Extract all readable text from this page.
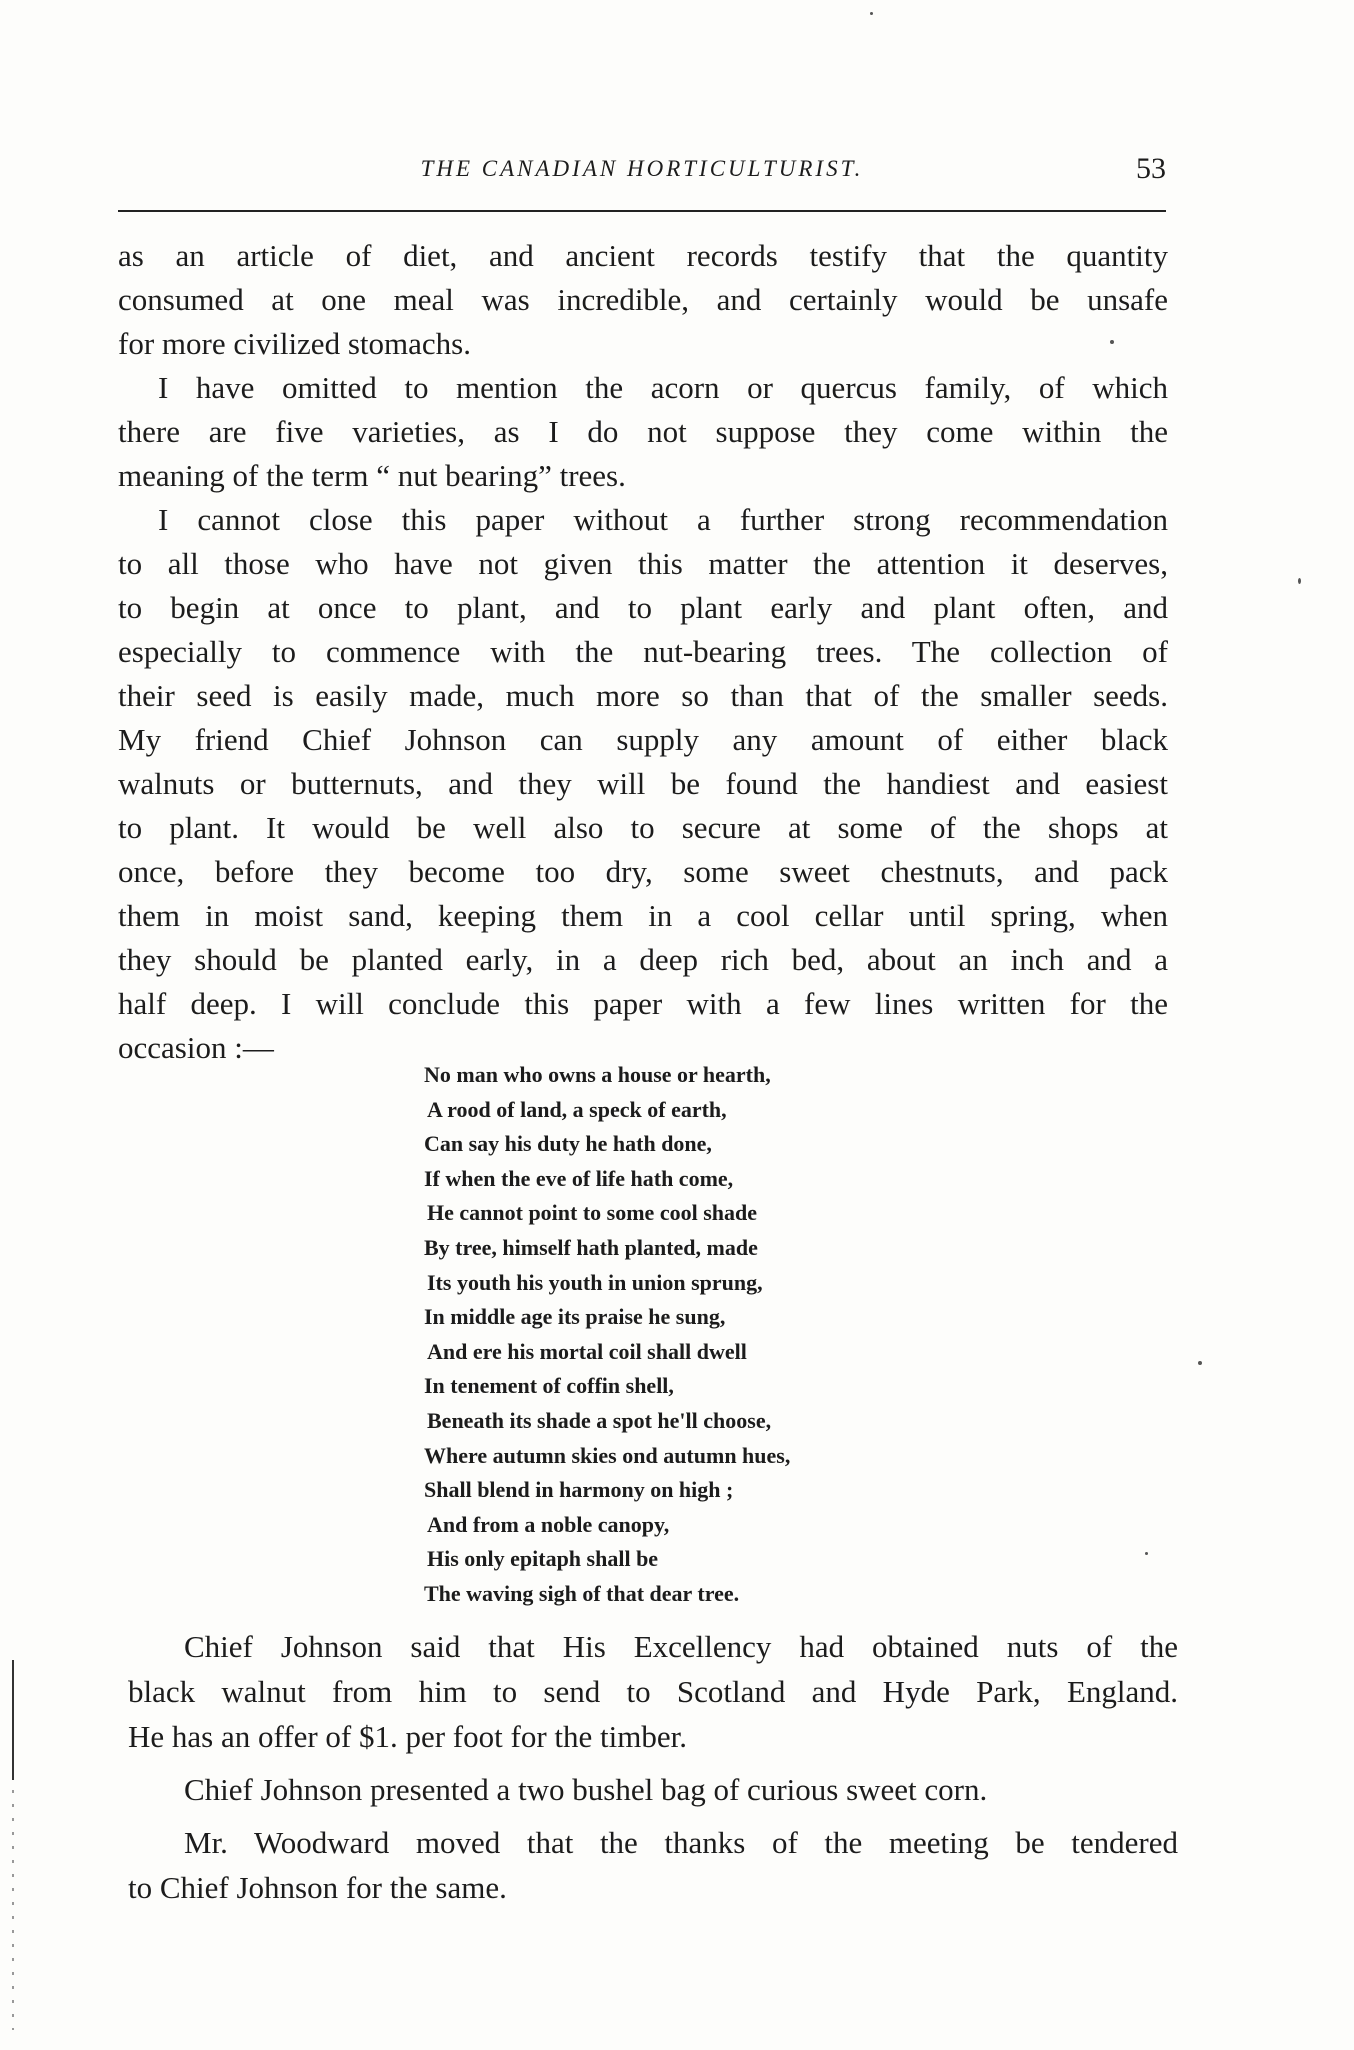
THE CANADIAN HORTICULTURIST.	53
as an article of diet, and ancient records testify that the quantity
consumed at one meal was incredible, and certainly would be unsafe
for more civilized stomachs.
I have omitted to mention the acorn or quercus family, of which
there are five varieties, as I do not suppose they come within the
meaning of the term “ nut bearing” trees.
I cannot close this paper without a further strong recommendation
to all those who have not given this matter the attention it deserves,
to begin at once to plant, and to plant early and plant often, and
especially to commence with the nut-bearing trees. The collection of
their seed is easily made, much more so than that of the smaller seeds.
My friend Chief Johnson can supply any amount of either black
walnuts or butternuts, and they will be found the handiest and easiest
to plant. It would be well also to secure at some of the shops at
once, before they become too dry, some sweet chestnuts, and pack
them in moist sand, keeping them in a cool cellar until spring, when
they should be planted early, in a deep rich bed, about an inch and a
half deep. I will conclude this paper with a few lines written for the
occasion :—
No man who owns a house or hearth,
A rood of land, a speck of earth,
Can say his duty he hath done,
If when the eve of life hath come,
He cannot point to some cool shade
By tree, himself hath planted, made
Its youth his youth in union sprung,
In middle age its praise he sung,
And ere his mortal coil shall dwell
In tenement of coffin shell,
Beneath its shade a spot he'll choose,
Where autumn skies ond autumn hues,
Shall blend in harmony on high ;
And from a noble canopy,
His only epitaph shall be
The waving sigh of that dear tree.
Chief Johnson said that His Excellency had obtained nuts of the
black walnut from him to send to Scotland and Hyde Park, England.
He has an offer of $1. per foot for the timber.
Chief Johnson presented a two bushel bag of curious sweet corn.
Mr. Woodward moved that the thanks of the meeting be tendered
to Chief Johnson for the same.
